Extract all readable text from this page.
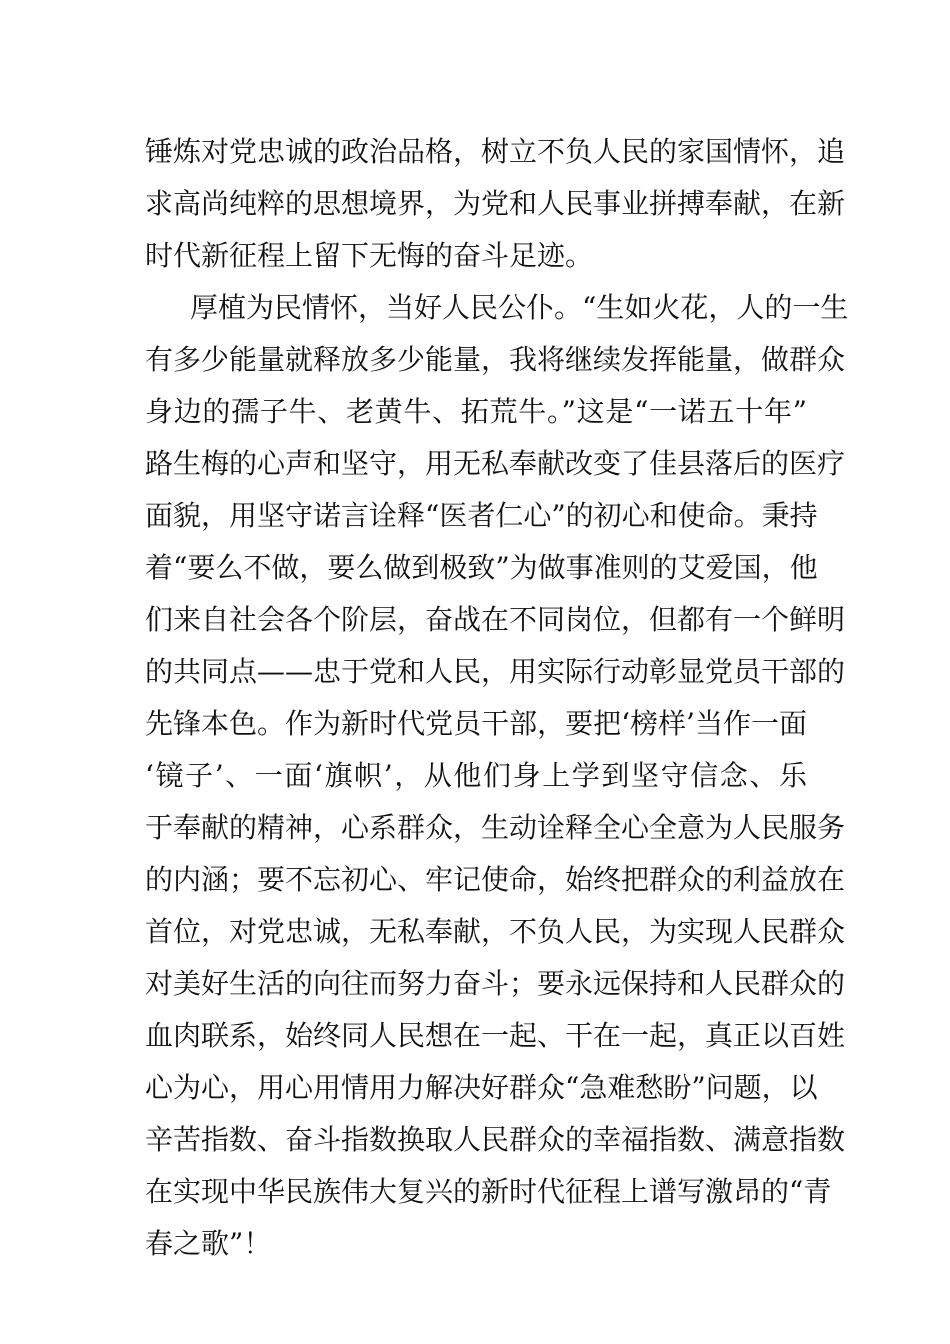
锤炼对党忠诚的政治品格，树立不负人民的家国情怀，追

求高尚纯粹的思想境界，为党和人民事业拼搏奉献，在新

时代新征程上留下无悔的奋斗足迹。

厚植为民情怀，当好人民公仆。“生如火花，人的一生

有多少能量就释放多少能量，我将继续发挥能量，做群众

身边的孺子牛、老黄牛、拓荒牛。”这是“一诺五十年”

路生梅的心声和坚守，用无私奉献改变了佳县落后的医疗

面貌，用坚守诺言诠释“医者仁心”的初心和使命。秉持

着“要么不做，要么做到极致”为做事准则的艾爱国，他

们来自社会各个阶层，奋战在不同岗位，但都有一个鲜明

的共同点——忠于党和人民，用实际行动彰显党员干部的

先锋本色。作为新时代党员干部，要把‘榜样’当作一面

‘镜子’、一面‘旗帜’，从他们身上学到坚守信念、乐

于奉献的精神，心系群众，生动诠释全心全意为人民服务

的内涵；要不忘初心、牢记使命，始终把群众的利益放在

首位，对党忠诚，无私奉献，不负人民，为实现人民群众

对美好生活的向往而努力奋斗；要永远保持和人民群众的

血肉联系，始终同人民想在一起、干在一起，真正以百姓

心为心，用心用情用力解决好群众“急难愁盼”问题，以

辛苦指数、奋斗指数换取人民群众的幸福指数、满意指数

在实现中华民族伟大复兴的新时代征程上谱写激昂的“青

春之歌”！
